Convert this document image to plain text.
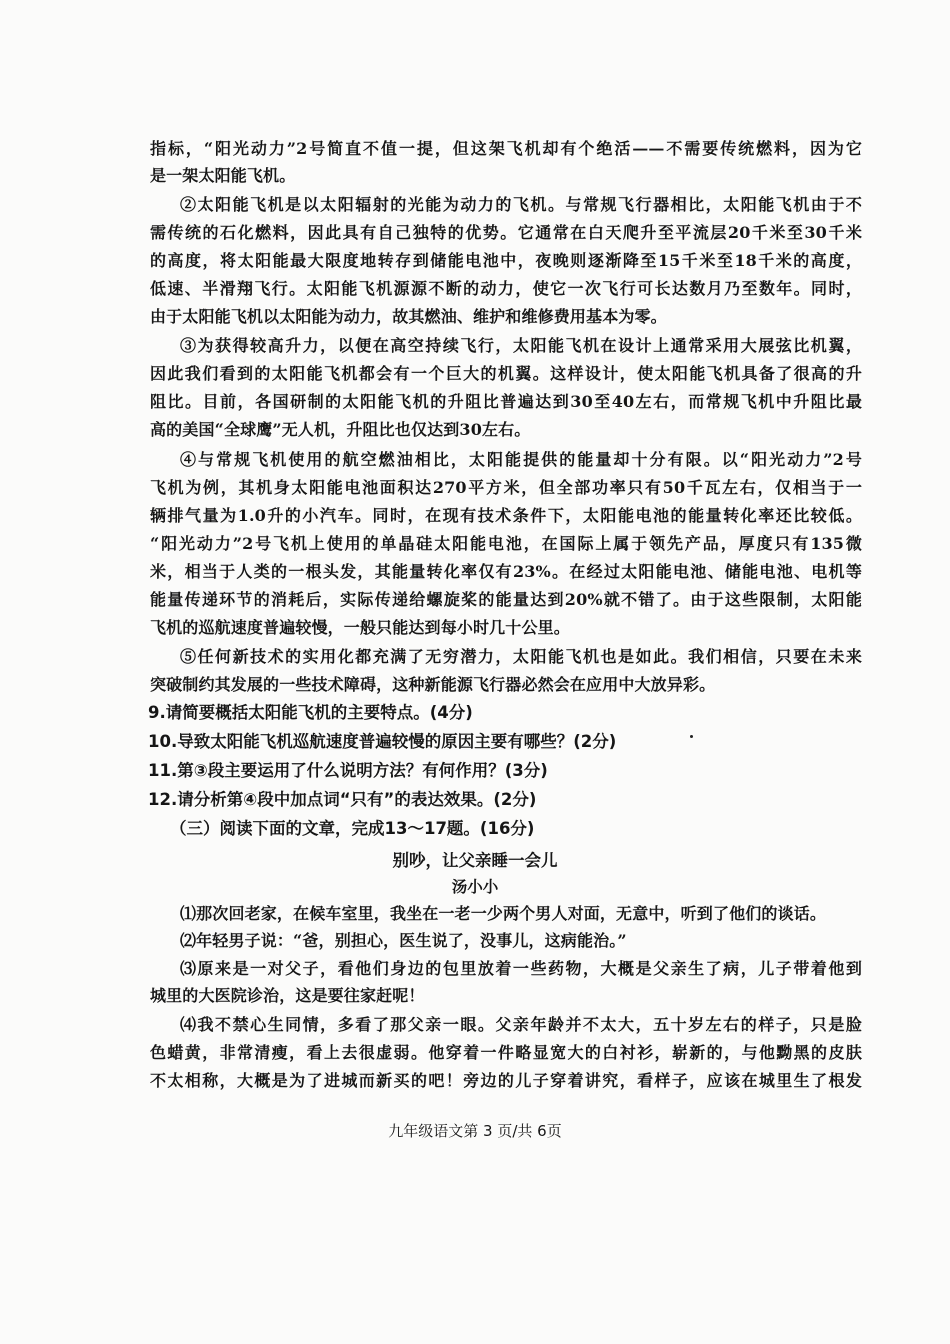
指标，“阳光动力”2号简直不值一提，但这架飞机却有个绝活——不需要传统燃料，因为它
是一架太阳能飞机。
②太阳能飞机是以太阳辐射的光能为动力的飞机。与常规飞行器相比，太阳能飞机由于不
需传统的石化燃料，因此具有自己独特的优势。它通常在白天爬升至平流层20千米至30千米
的高度，将太阳能最大限度地转存到储能电池中，夜晚则逐渐降至15千米至18千米的高度，
低速、半滑翔飞行。太阳能飞机源源不断的动力，使它一次飞行可长达数月乃至数年。同时，
由于太阳能飞机以太阳能为动力，故其燃油、维护和维修费用基本为零。
③为获得较高升力，以便在高空持续飞行，太阳能飞机在设计上通常采用大展弦比机翼，
因此我们看到的太阳能飞机都会有一个巨大的机翼。这样设计，使太阳能飞机具备了很高的升
阻比。目前，各国研制的太阳能飞机的升阻比普遍达到30至40左右，而常规飞机中升阻比最
高的美国“全球鹰”无人机，升阻比也仅达到30左右。
④与常规飞机使用的航空燃油相比，太阳能提供的能量却十分有限。以“阳光动力”2号
飞机为例，其机身太阳能电池面积达270平方米，但全部功率只有50千瓦左右，仅相当于一
辆排气量为1.0升的小汽车。同时，在现有技术条件下，太阳能电池的能量转化率还比较低。
“阳光动力”2号飞机上使用的单晶硅太阳能电池，在国际上属于领先产品，厚度只有135微
米，相当于人类的一根头发，其能量转化率仅有23%。在经过太阳能电池、储能电池、电机等
能量传递环节的消耗后，实际传递给螺旋桨的能量达到20%就不错了。由于这些限制，太阳能
飞机的巡航速度普遍较慢，一般只能达到每小时几十公里。
⑤任何新技术的实用化都充满了无穷潜力，太阳能飞机也是如此。我们相信，只要在未来
突破制约其发展的一些技术障碍，这种新能源飞行器必然会在应用中大放异彩。
9.请简要概括太阳能飞机的主要特点。(4分)
10.导致太阳能飞机巡航速度普遍较慢的原因主要有哪些？(2分)
11.第③段主要运用了什么说明方法？有何作用？(3分)
12.请分析第④段中加点词“只有”的表达效果。(2分)
（三）阅读下面的文章，完成13～17题。(16分)
别吵，让父亲睡一会儿
汤小小
⑴那次回老家，在候车室里，我坐在一老一少两个男人对面，无意中，听到了他们的谈话。
⑵年轻男子说：“爸，别担心，医生说了，没事儿，这病能治。”
⑶原来是一对父子，看他们身边的包里放着一些药物，大概是父亲生了病，儿子带着他到
城里的大医院诊治，这是要往家赶呢！
⑷我不禁心生同情，多看了那父亲一眼。父亲年龄并不太大，五十岁左右的样子，只是脸
色蜡黄，非常清瘦，看上去很虚弱。他穿着一件略显宽大的白衬衫，崭新的，与他黝黑的皮肤
不太相称，大概是为了进城而新买的吧！旁边的儿子穿着讲究，看样子，应该在城里生了根发
九年级语文第 3 页/共 6页
